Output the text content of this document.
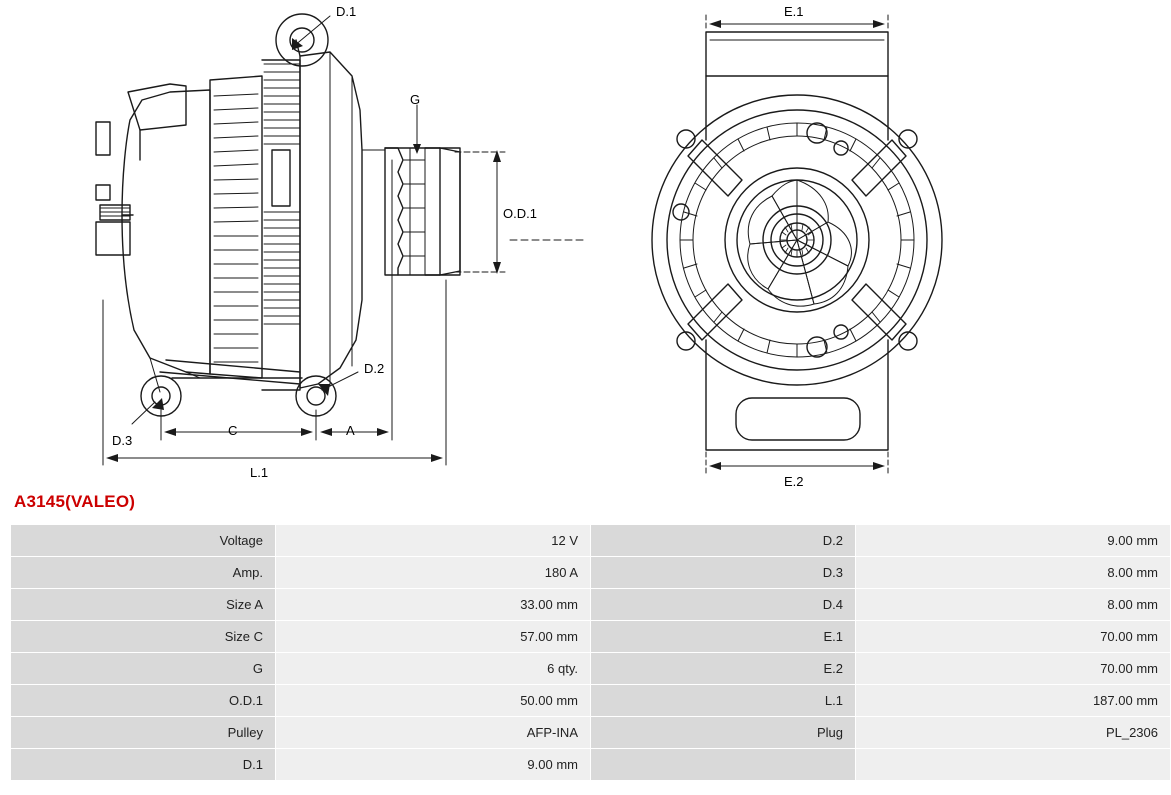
D.1
D.2
D.3
G
O.D.1
A
C
L.1
E.1
E.2
A3145(VALEO)
Voltage	12 V	D.2	9.00 mm
Amp.	180 A	D.3	8.00 mm
Size A	33.00 mm	D.4	8.00 mm
Size C	57.00 mm	E.1	70.00 mm
G	6 qty.	E.2	70.00 mm
O.D.1	50.00 mm	L.1	187.00 mm
Pulley	AFP-INA	Plug	PL_2306
D.1	9.00 mm		
